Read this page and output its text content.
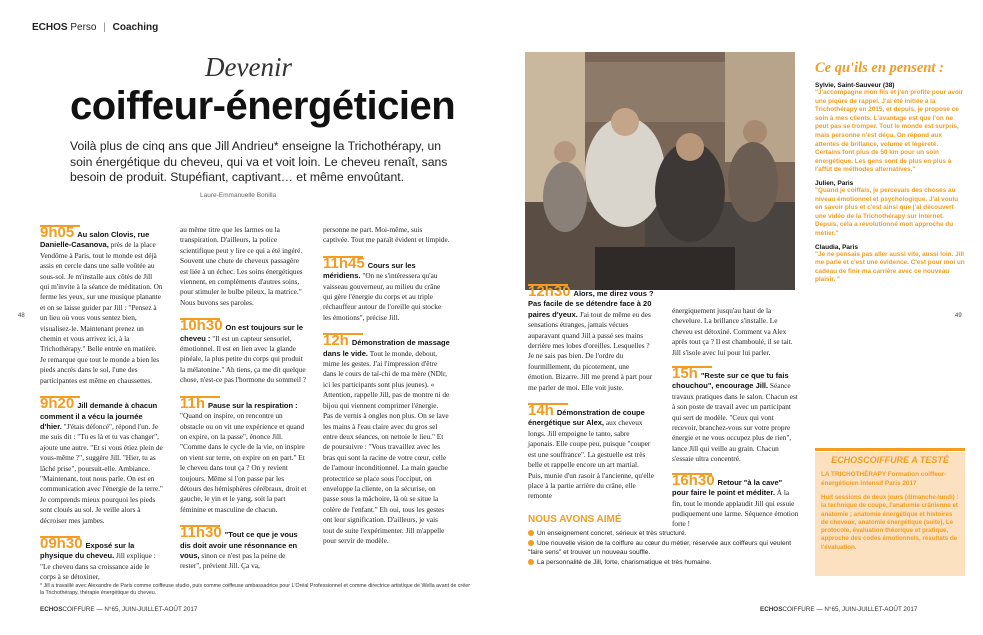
ECHOS Perso | Coaching
Devenir
coiffeur-énergéticien
Voilà plus de cinq ans que Jill Andrieu* enseigne la Trichothérapy, un soin énergétique du cheveu, qui va et voit loin. Le cheveu renaît, sans besoin de produit. Stupéfiant, captivant… et même envoûtant.
Laure-Emmanuelle Bonilla
48	49

9h05 Au salon Clovis, rue Danielle-Casanova, près de la place Vendôme à Paris, tout le monde est déjà assis en cercle dans une salle voûtée au sous-sol. Je m'installe aux côtés de Jill qui m'invite à la séance de méditation. On ferme les yeux, sur une musique planante et on se laisse guider par Jill : "Pensez à un lieu où vous vous sentez bien, visualisez-le. Maintenant prenez un chemin et vous arrivez ici, à la Trichothérapy." Belle entrée en matière. Je remarque que tout le monde a bien les pieds ancrés dans le sol, l'une des participantes est même en chaussettes.

9h20 Jill demande à chacun comment il a vécu la journée d'hier. "J'étais défoncé", répond l'un. Je me suis dit : "Tu es là et tu vas changer", ajoute une autre. "Et si vous étiez plein de vous-même ?", suggère Jill. "Hier, tu as lâché prise", poursuit-elle. Ambiance. "Maintenant, tout nous parle. On est en communication avec l'énergie de la terre." Je comprends mieux pourquoi les pieds sont cloués au sol. Je veille alors à décroiser mes jambes.

09h30 Exposé sur la physique du cheveu. Jill explique : "Le cheveu dans sa croissance aide le corps à se détoxiner,

au même titre que les larmes ou la transpiration. D'ailleurs, la police scientifique peut y lire ce qui a été ingéré. Souvent une chute de cheveux passagère est liée à un échec. Les soins énergétiques viennent, en compléments d'autres soins, pour stimuler le bulbe pileux, la matrice." Nous buvons ses paroles.

10h30 On est toujours sur le cheveu : "Il est un capteur sensoriel, émotionnel. Il est en lien avec la glande pinéale, la plus petite du corps qui produit la mélatonine." Ah tiens, ça me dit quelque chose, n'est-ce pas l'hormone du sommeil ?

11h Pause sur la respiration : "Quand on inspire, on rencontre un obstacle ou on vit une expérience et quand on expire, on la passe", énonce Jill. "Comme dans le cycle de la vie, on inspire on vient sur terre, on expire on en part." Et le cheveu dans tout ça ? On y revient toujours. Même si l'on passe par les détours des hémisphères cérébraux, droit et gauche, le yin et le yang, soit la part féminine et masculine de chacun.

11h30 "Tout ce que je vous dis doit avoir une résonnance en vous, sinon ce n'est pas la peine de rester", prévient Jill. Ça va,

personne ne part. Moi-même, suis captivée. Tout me paraît évident et limpide.

11h45 Cours sur les méridiens. "On ne s'intéressera qu'au vaisseau gouverneur, au milieu du crâne qui gère l'énergie du corps et au triple réchauffeur autour de l'oreille qui stocke les émotions", précise Jill.

12h Démonstration de massage dans le vide. Tout le monde, debout, mime les gestes. J'ai l'impression d'être dans le cours de taï-chi de ma mère (NDlr, ici les participants sont plus jeunes). « Attention, rappelle Jill, pas de montre ni de bijou qui viennent comprimer l'énergie. Pas de vernis à ongles non plus. On se lave les mains à l'eau claire avec du gros sel entre deux séances, on nettoie le lieu." Et de poursuivre : "Vous travaillez avec les bras qui sont la racine de votre cœur, celle de l'amour inconditionnel. La main gauche protectrice se place sous l'occiput, on enveloppe la cliente, on la sécurise, on passe sous la mâchoire, là où se situe la colère de l'enfant." Eh oui, tous les gestes ont leur signification. D'ailleurs, je vais tout de suite l'expérimenter. Jill m'appelle pour servir de modèle.

12h30 Alors, me direz vous ? Pas facile de se détendre face à 20 paires d'yeux. J'ai tout de même eu des sensations étranges, jamais vécues auparavant quand Jill a passé ses mains derrière mes lobes d'oreilles. Lesquelles ? Je ne sais pas bien. De l'ordre du fourmillement, du picotement, une émotion. Bizarre. Jill me prend à part pour me parler de moi. Elle voit juste.

14h Démonstration de coupe énergétique sur Alex, aux cheveux longs. Jill empoigne le tanto, sabre japonais. Elle coupe peu, puisque "couper est une souffrance". La gestuelle est très belle et rappelle encore un art martial. Puis, munie d'un rasoir à l'ancienne, qu'elle place à la partie arrière du crâne, elle remonte

énergiquement jusqu'au haut de la chevelure. La brillance s'installe. Le cheveu est détoxiné. Comment va Alex après tout ça ? Il est chamboulé, il se tait. Jill s'isole avec lui pour lui parler.

15h "Reste sur ce que tu fais chouchou", encourage Jill. Séance travaux pratiques dans le salon. Chacun est à son poste de travail avec un participant qui sert de modèle. "Ceux qui vont recevoir, branchez-vous sur votre propre énergie et ne vous occupez plus de rien", lance Jill qui veille au grain. Chacun s'essaie ultra concentré.

16h30 Retour "à la cave" pour faire le point et méditer. À la fin, tout le monde applaudit Jill qui essuie pudiquement une larme. Séquence émotion forte !

NOUS AVONS AIMÉ
Un enseignement concret, sérieux et très structuré.
Une nouvelle vision de la coiffure au cœur du métier, réservée aux coiffeurs qui veulent "faire sens" et trouver un nouveau souffle.
La personnalité de Jill, forte, charismatique et très humaine.
Ce qu'ils en pensent :
Sylvie, Saint-Sauveur (38)
"J'accompagne mon fils et j'en profite pour avoir une piqûre de rappel. J'ai été initiée à la Trichothérapy en 2015, et depuis, je propose ce soin à mes clients. L'avantage est que l'on ne peut pas se tromper. Tout le monde est surpris, mais personne n'est déçu. On répond aux attentes de brillance, volume et légèreté. Certains font plus de 50 km pour un soin énergétique. Les gens sont de plus en plus à l'affût de méthodes alternatives."
Julien, Paris
"Quand je coiffais, je percevais des choses au niveau émotionnel et psychologique. J'ai voulu en savoir plus et c'est ainsi que j'ai découvert une vidéo de la Trichothérapy sur Internet. Depuis, cela a révolutionné mon approche du métier."
Claudia, Paris
"Je ne pensais pas aller aussi vite, aussi loin. Jill me parle et c'est une évidence. C'est pour moi un cadeau de finir ma carrière avec ce nouveau plaisir. "
ECHOSCOIFFURE A TESTÉ
LA TRICHOTHÉRAPY Formation coiffeur-énergéticien intensif Paris 2017
Huit sessions de deux jours (dimanche-lundi) : la technique de coupe, l'anatomie crânienne et anatomie ; anatomie énergétique et histoires de cheveux, anatomie énergétique (suite), Le protocole, évaluation théorique et pratique, approche des codes émotionnels, résultats de l'évaluation.
* Jill a travaillé avec Alexandre de Paris comme coiffeuse studio, puis comme coiffeuse ambassadrice pour L'Oréal Professionnel et comme directrice artistique de Wella avant de créer la Trichothérapy, thérapie énergétique du cheveu.
ECHOSCOIFFURE — N°65, JUIN-JUILLET-AOÛT 2017	ECHOSCOIFFURE — N°65, JUIN-JUILLET-AOÛT 2017
